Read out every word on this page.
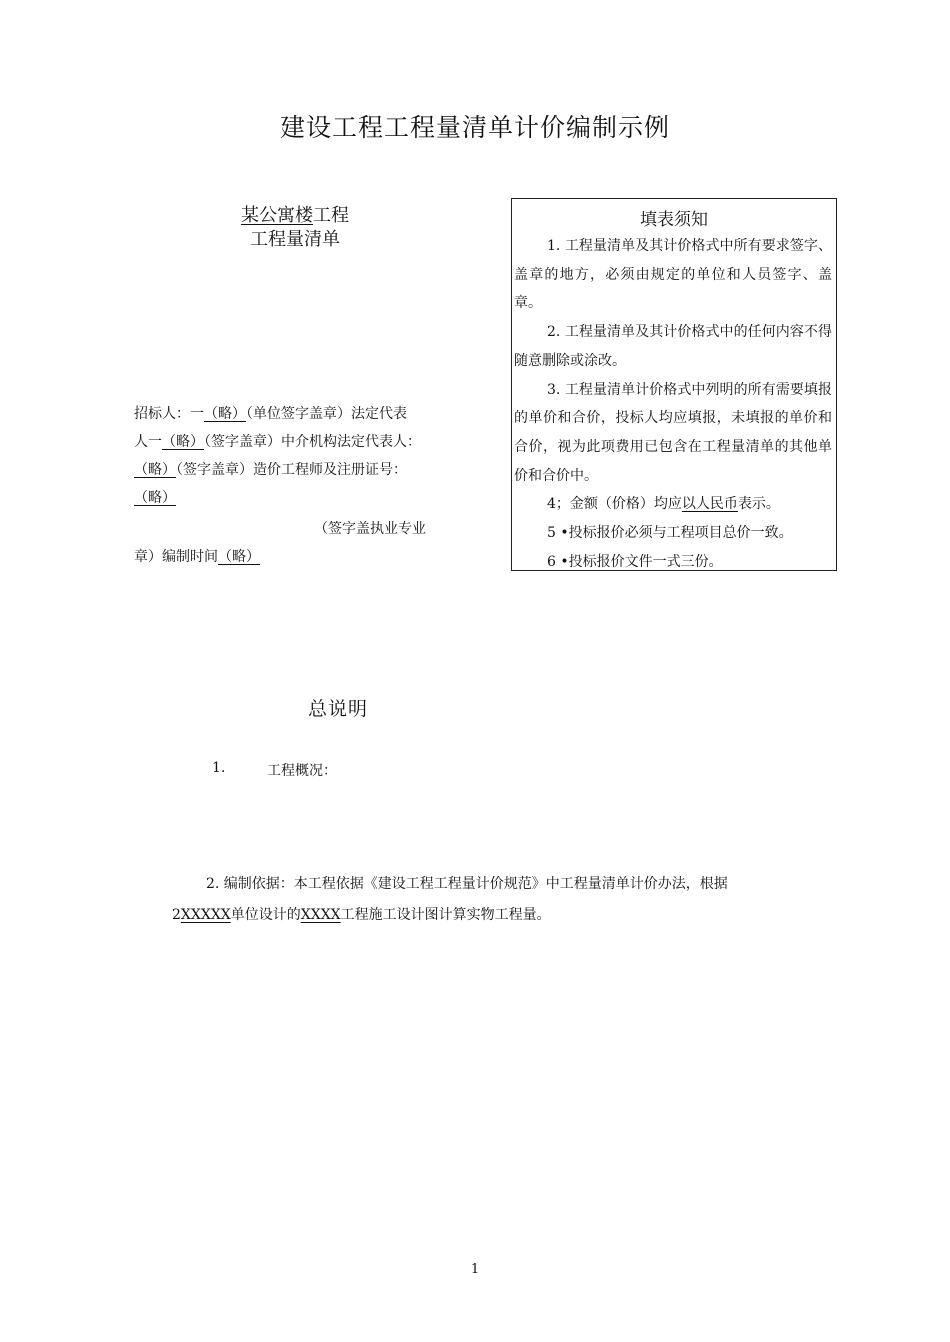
建设工程工程量清单计价编制示例
某公寓楼工程
工程量清单
招标人：一（略）（单位签字盖章）法定代表
人一（略）（签字盖章）中介机构法定代表人：
（略）（签字盖章）造价工程师及注册证号：
（略）
（签字盖执业专业
章）编制时间（略）
填表须知
1. 工程量清单及其计价格式中所有要求签字、盖章的地方，必须由规定的单位和人员签字、盖章。
2. 工程量清单及其计价格式中的任何内容不得随意删除或涂改。
3. 工程量清单计价格式中列明的所有需要填报的单价和合价，投标人均应填报，未填报的单价和合价，视为此项费用已包含在工程量清单的其他单价和合价中。
4；金额（价格）均应以人民币表示。
5 •投标报价必须与工程项目总价一致。
6 •投标报价文件一式三份。
总说明
1.	工程概况：
2. 编制依据：本工程依据《建设工程工程量计价规范》中工程量清单计价办法，根据
2XXXXX单位设计的XXXX工程施工设计图计算实物工程量。
1
